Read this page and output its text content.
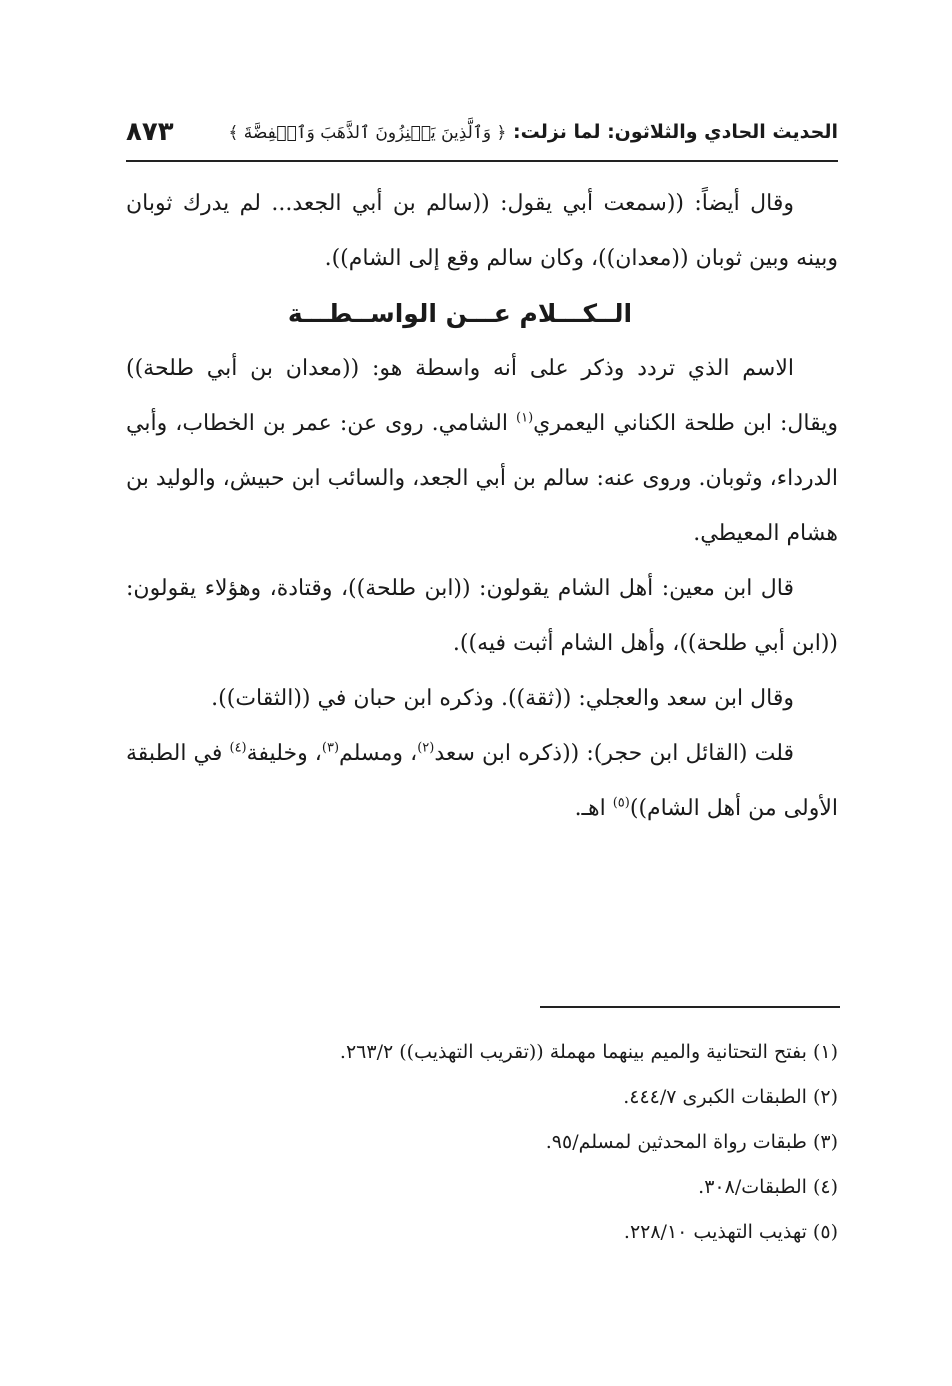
الحديث الحادي والثلاثون: لما نزلت: ﴿ وَٱلَّذِينَ يَكۡنِزُونَ ٱلذَّهَبَ وَٱلۡفِضَّةَ ﴾
٨٧٣

وقال أيضاً: ((سمعت أبي يقول: ((سالم بن أبي الجعد... لم يدرك ثوبان وبينه وبين ثوبان ((معدان))، وكان سالم وقع إلى الشام)).

الــكـــلام عـــن الواســطـــة

الاسم الذي تردد وذكر على أنه واسطة هو: ((معدان بن أبي طلحة)) ويقال: ابن طلحة الكناني اليعمري$^{(١)}$ الشامي. روى عن: عمر بن الخطاب، وأبي الدرداء، وثوبان. وروى عنه: سالم بن أبي الجعد، والسائب ابن حبيش، والوليد بن هشام المعيطي.

قال ابن معين: أهل الشام يقولون: ((ابن طلحة))، وقتادة، وهؤلاء يقولون: ((ابن أبي طلحة))، وأهل الشام أثبت فيه)).

وقال ابن سعد والعجلي: ((ثقة)). وذكره ابن حبان في ((الثقات)).

قلت (القائل ابن حجر): ((ذكره ابن سعد$^{(٢)}$، ومسلم$^{(٣)}$، وخليفة$^{(٤)}$ في الطبقة الأولى من أهل الشام))$^{(٥)}$ اهـ.

(١) بفتح التحتانية والميم بينهما مهملة ((تقريب التهذيب)) ٢٦٣/٢.

(٢) الطبقات الكبرى ٤٤٤/٧.

(٣) طبقات رواة المحدثين لمسلم/٩٥.

(٤) الطبقات/٣٠٨.

(٥) تهذيب التهذيب ٢٢٨/١٠.
